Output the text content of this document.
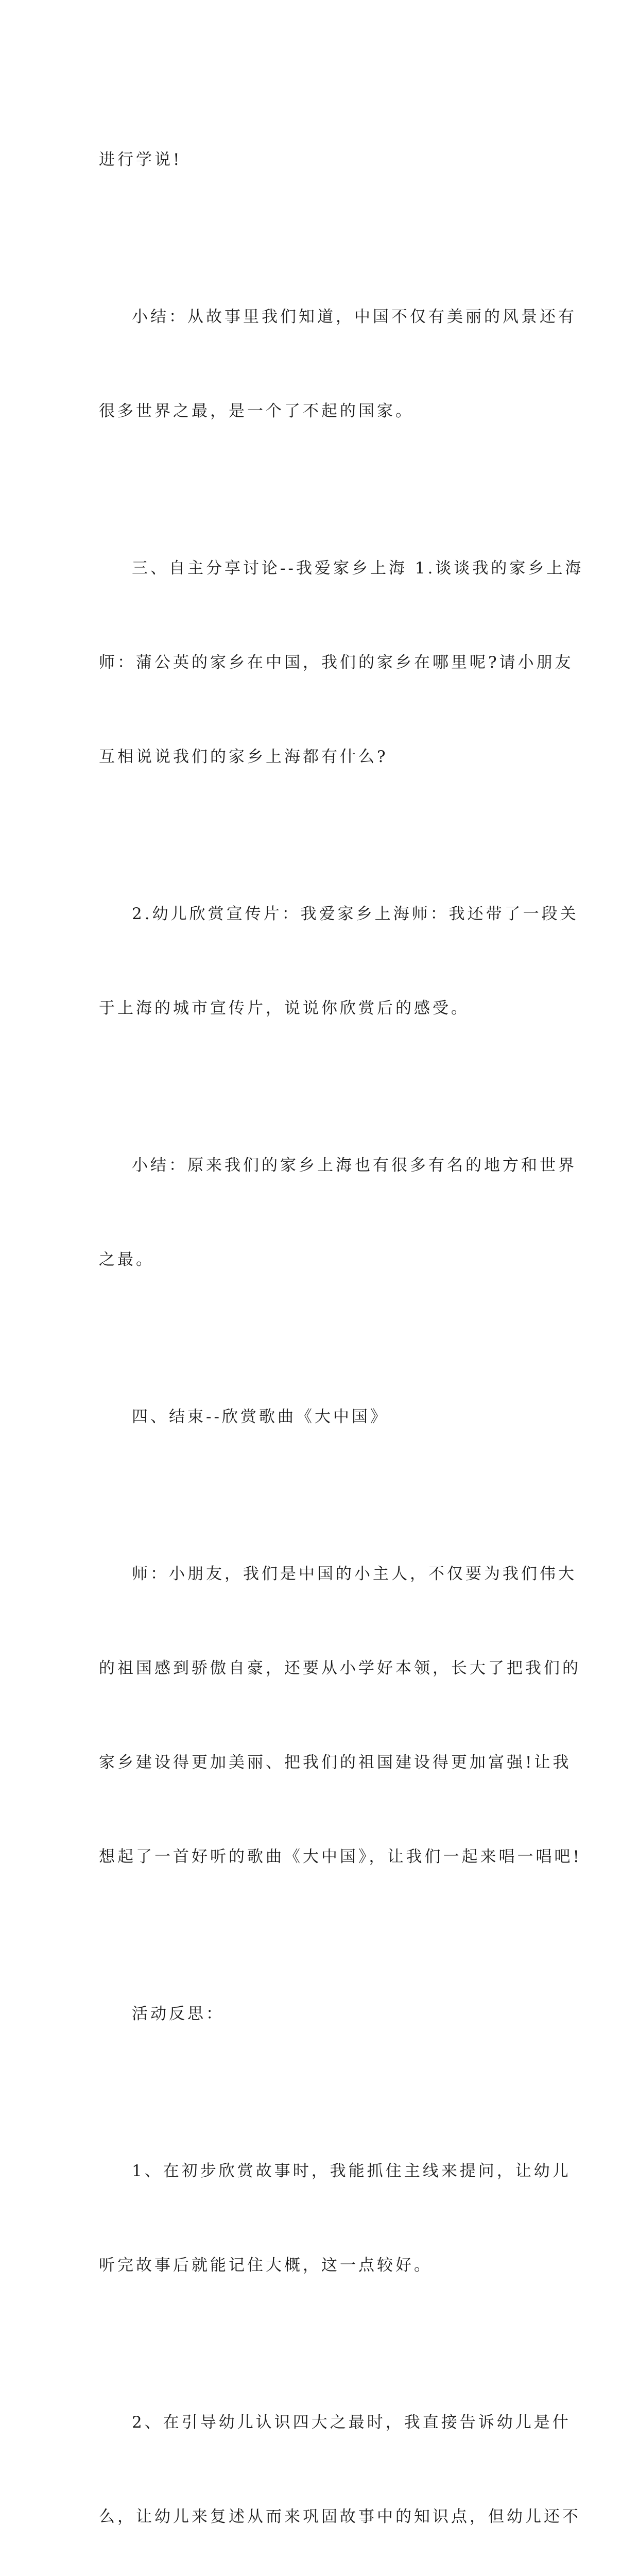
进行学说!

小结：从故事里我们知道，中国不仅有美丽的风景还有

很多世界之最，是一个了不起的国家。

三、自主分享讨论--我爱家乡上海 1.谈谈我的家乡上海

师：蒲公英的家乡在中国，我们的家乡在哪里呢?请小朋友

互相说说我们的家乡上海都有什么?

2.幼儿欣赏宣传片：我爱家乡上海师：我还带了一段关

于上海的城市宣传片，说说你欣赏后的感受。

小结：原来我们的家乡上海也有很多有名的地方和世界

之最。

四、结束--欣赏歌曲《大中国》

师：小朋友，我们是中国的小主人，不仅要为我们伟大

的祖国感到骄傲自豪，还要从小学好本领，长大了把我们的

家乡建设得更加美丽、把我们的祖国建设得更加富强!让我

想起了一首好听的歌曲《大中国》，让我们一起来唱一唱吧!

活动反思：

1、在初步欣赏故事时，我能抓住主线来提问，让幼儿

听完故事后就能记住大概，这一点较好。

2、在引导幼儿认识四大之最时，我直接告诉幼儿是什

么，让幼儿来复述从而来巩固故事中的知识点，但幼儿还不
